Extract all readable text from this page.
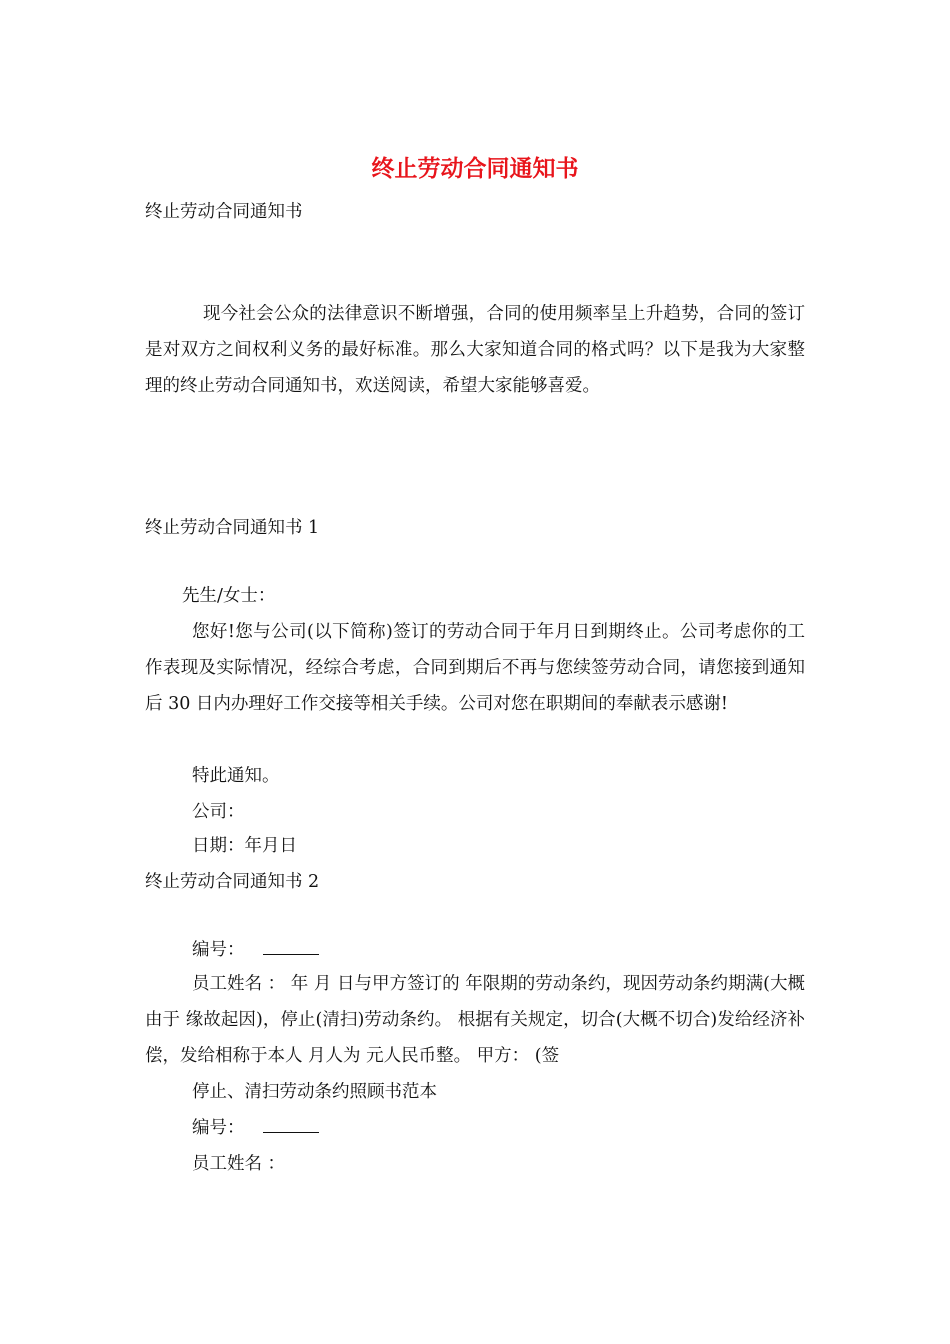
终止劳动合同通知书

终止劳动合同通知书

现今社会公众的法律意识不断增强，合同的使用频率呈上升趋势，合同的签订是对双方之间权利义务的最好标准。那么大家知道合同的格式吗？以下是我为大家整理的终止劳动合同通知书，欢送阅读，希望大家能够喜爱。

终止劳动合同通知书 1

先生/女士：

您好!您与公司(以下简称)签订的劳动合同于年月日到期终止。公司考虑你的工作表现及实际情况，经综合考虑，合同到期后不再与您续签劳动合同，请您接到通知后 30 日内办理好工作交接等相关手续。公司对您在职期间的奉献表示感谢!

特此通知。

公司：

日期：年月日

终止劳动合同通知书 2

编号：

员工姓名 ： 年 月 日与甲方签订的 年限期的劳动条约，现因劳动条约期满(大概由于 缘故起因)，停止(清扫)劳动条约。 根据有关规定，切合(大概不切合)发给经济补偿，发给相称于本人 月人为 元人民币整。 甲方： (签

停止、清扫劳动条约照顾书范本

编号：

员工姓名 ：
